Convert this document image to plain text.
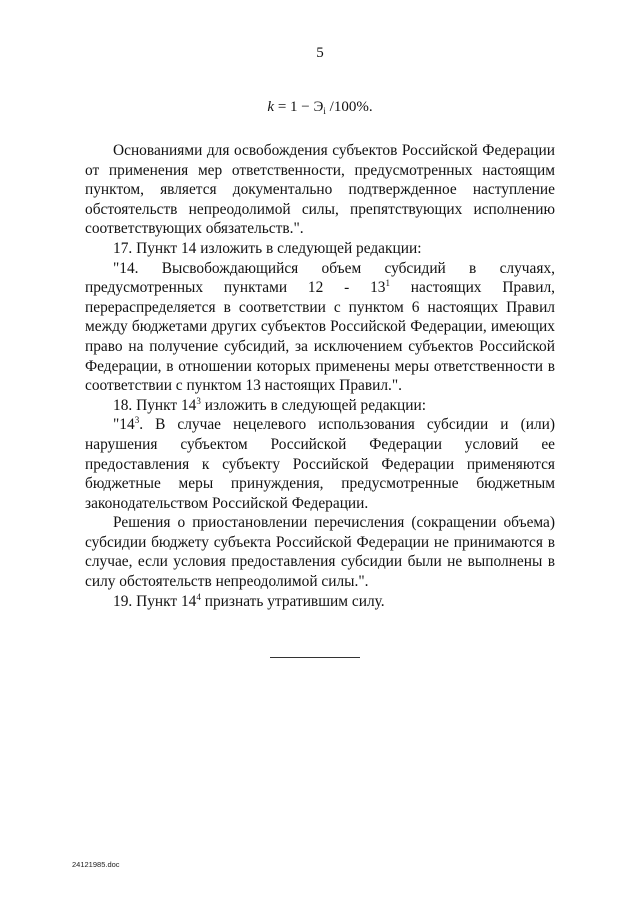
5
$k = 1 - Э_i$ /100%.

Основаниями для освобождения субъектов Российской Федерации от применения мер ответственности, предусмотренных настоящим пунктом, является документально подтвержденное наступление обстоятельств непреодолимой силы, препятствующих исполнению соответствующих обязательств.".

17. Пункт 14 изложить в следующей редакции:

"14. Высвобождающийся объем субсидий в случаях, предусмотренных пунктами $12 - 13^1$ настоящих Правил, перераспределяется в соответствии с пунктом 6 настоящих Правил между бюджетами других субъектов Российской Федерации, имеющих право на получение субсидий, за исключением субъектов Российской Федерации, в отношении которых применены меры ответственности в соответствии с пунктом 13 настоящих Правил.".

18. Пункт $14^3$ изложить в следующей редакции:

"$14^3$. В случае нецелевого использования субсидии и (или) нарушения субъектом Российской Федерации условий ее предоставления к субъекту Российской Федерации применяются бюджетные меры принуждения, предусмотренные бюджетным законодательством Российской Федерации.

Решения о приостановлении перечисления (сокращении объема) субсидии бюджету субъекта Российской Федерации не принимаются в случае, если условия предоставления субсидии были не выполнены в силу обстоятельств непреодолимой силы.".

19. Пункт $14^4$ признать утратившим силу.

24121985.doc
